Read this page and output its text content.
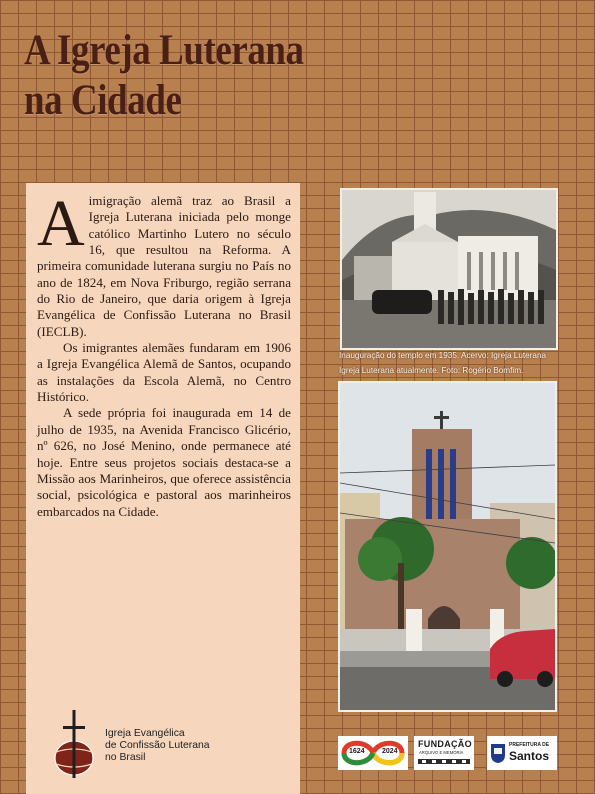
A Igreja Luterana
na Cidade

Aimigração alemã traz ao Brasil a Igreja Luterana iniciada pelo monge católico Martinho Lutero no século 16, que resultou na Reforma. A primeira comunidade luterana surgiu no País no ano de 1824, em Nova Friburgo, região serrana do Rio de Janeiro, que daria origem à Igreja Evangélica de Confissão Luterana no Brasil (IECLB).

Os imigrantes alemães fundaram em 1906 a Igreja Evangélica Alemã de Santos, ocupando as instalações da Escola Alemã, no Centro Histórico.

A sede própria foi inaugurada em 14 de julho de 1935, na Avenida Francisco Glicério, nº 626, no José Menino, onde permanece até hoje. Entre seus projetos sociais destaca-se a Missão aos Marinheiros, que oferece assistência social, psicológica e pastoral aos marinheiros embarcados na Cidade.

Igreja Evangélica
de Confissão Luterana
no Brasil
Inauguração do templo em 1935. Acervo: Igreja Luterana
Igreja Luterana atualmente. Foto: Rogério Bomfim.
1624 2024
FUNDAÇÃO
ARQUIVO E MEMÓRIA
PREFEITURA DE
Santos
